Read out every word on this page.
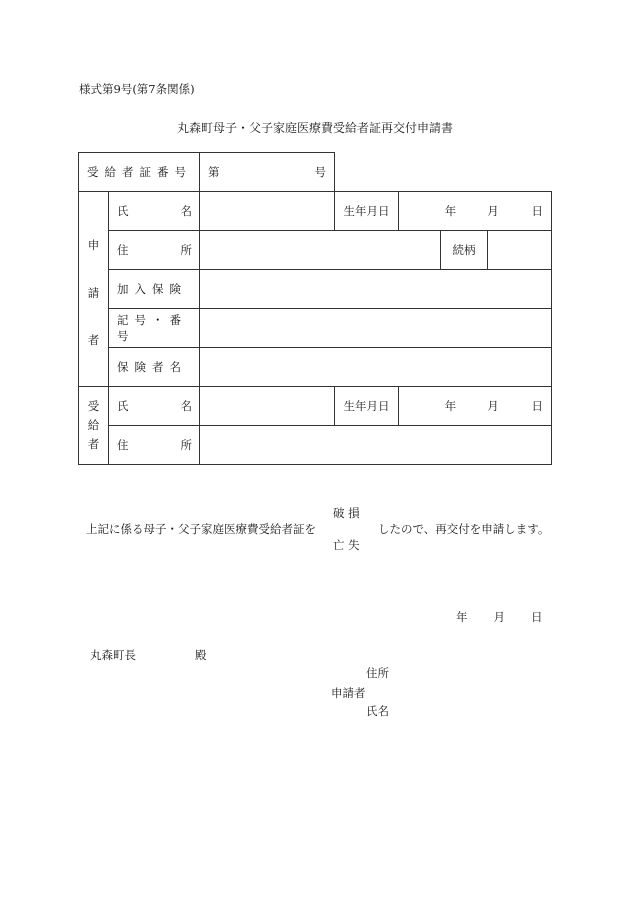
様式第9号(第7条関係)
丸森町母子・父子家庭医療費受給者証再交付申請書
受給者証番号		第 号				

申
請
者	氏 名		生年月日	年 月 日		

	住 所				続柄	
	加入保険					
	記号・番号					
	保険者名					

受
給
者	氏 名		生年月日	年 月 日		

	住 所					

上記に係る母子・父子家庭医療費受給者証を
破 損
亡 失
したので、再交付を申請します。
年 月 日
丸森町長	殿
住所
申請者
氏名
